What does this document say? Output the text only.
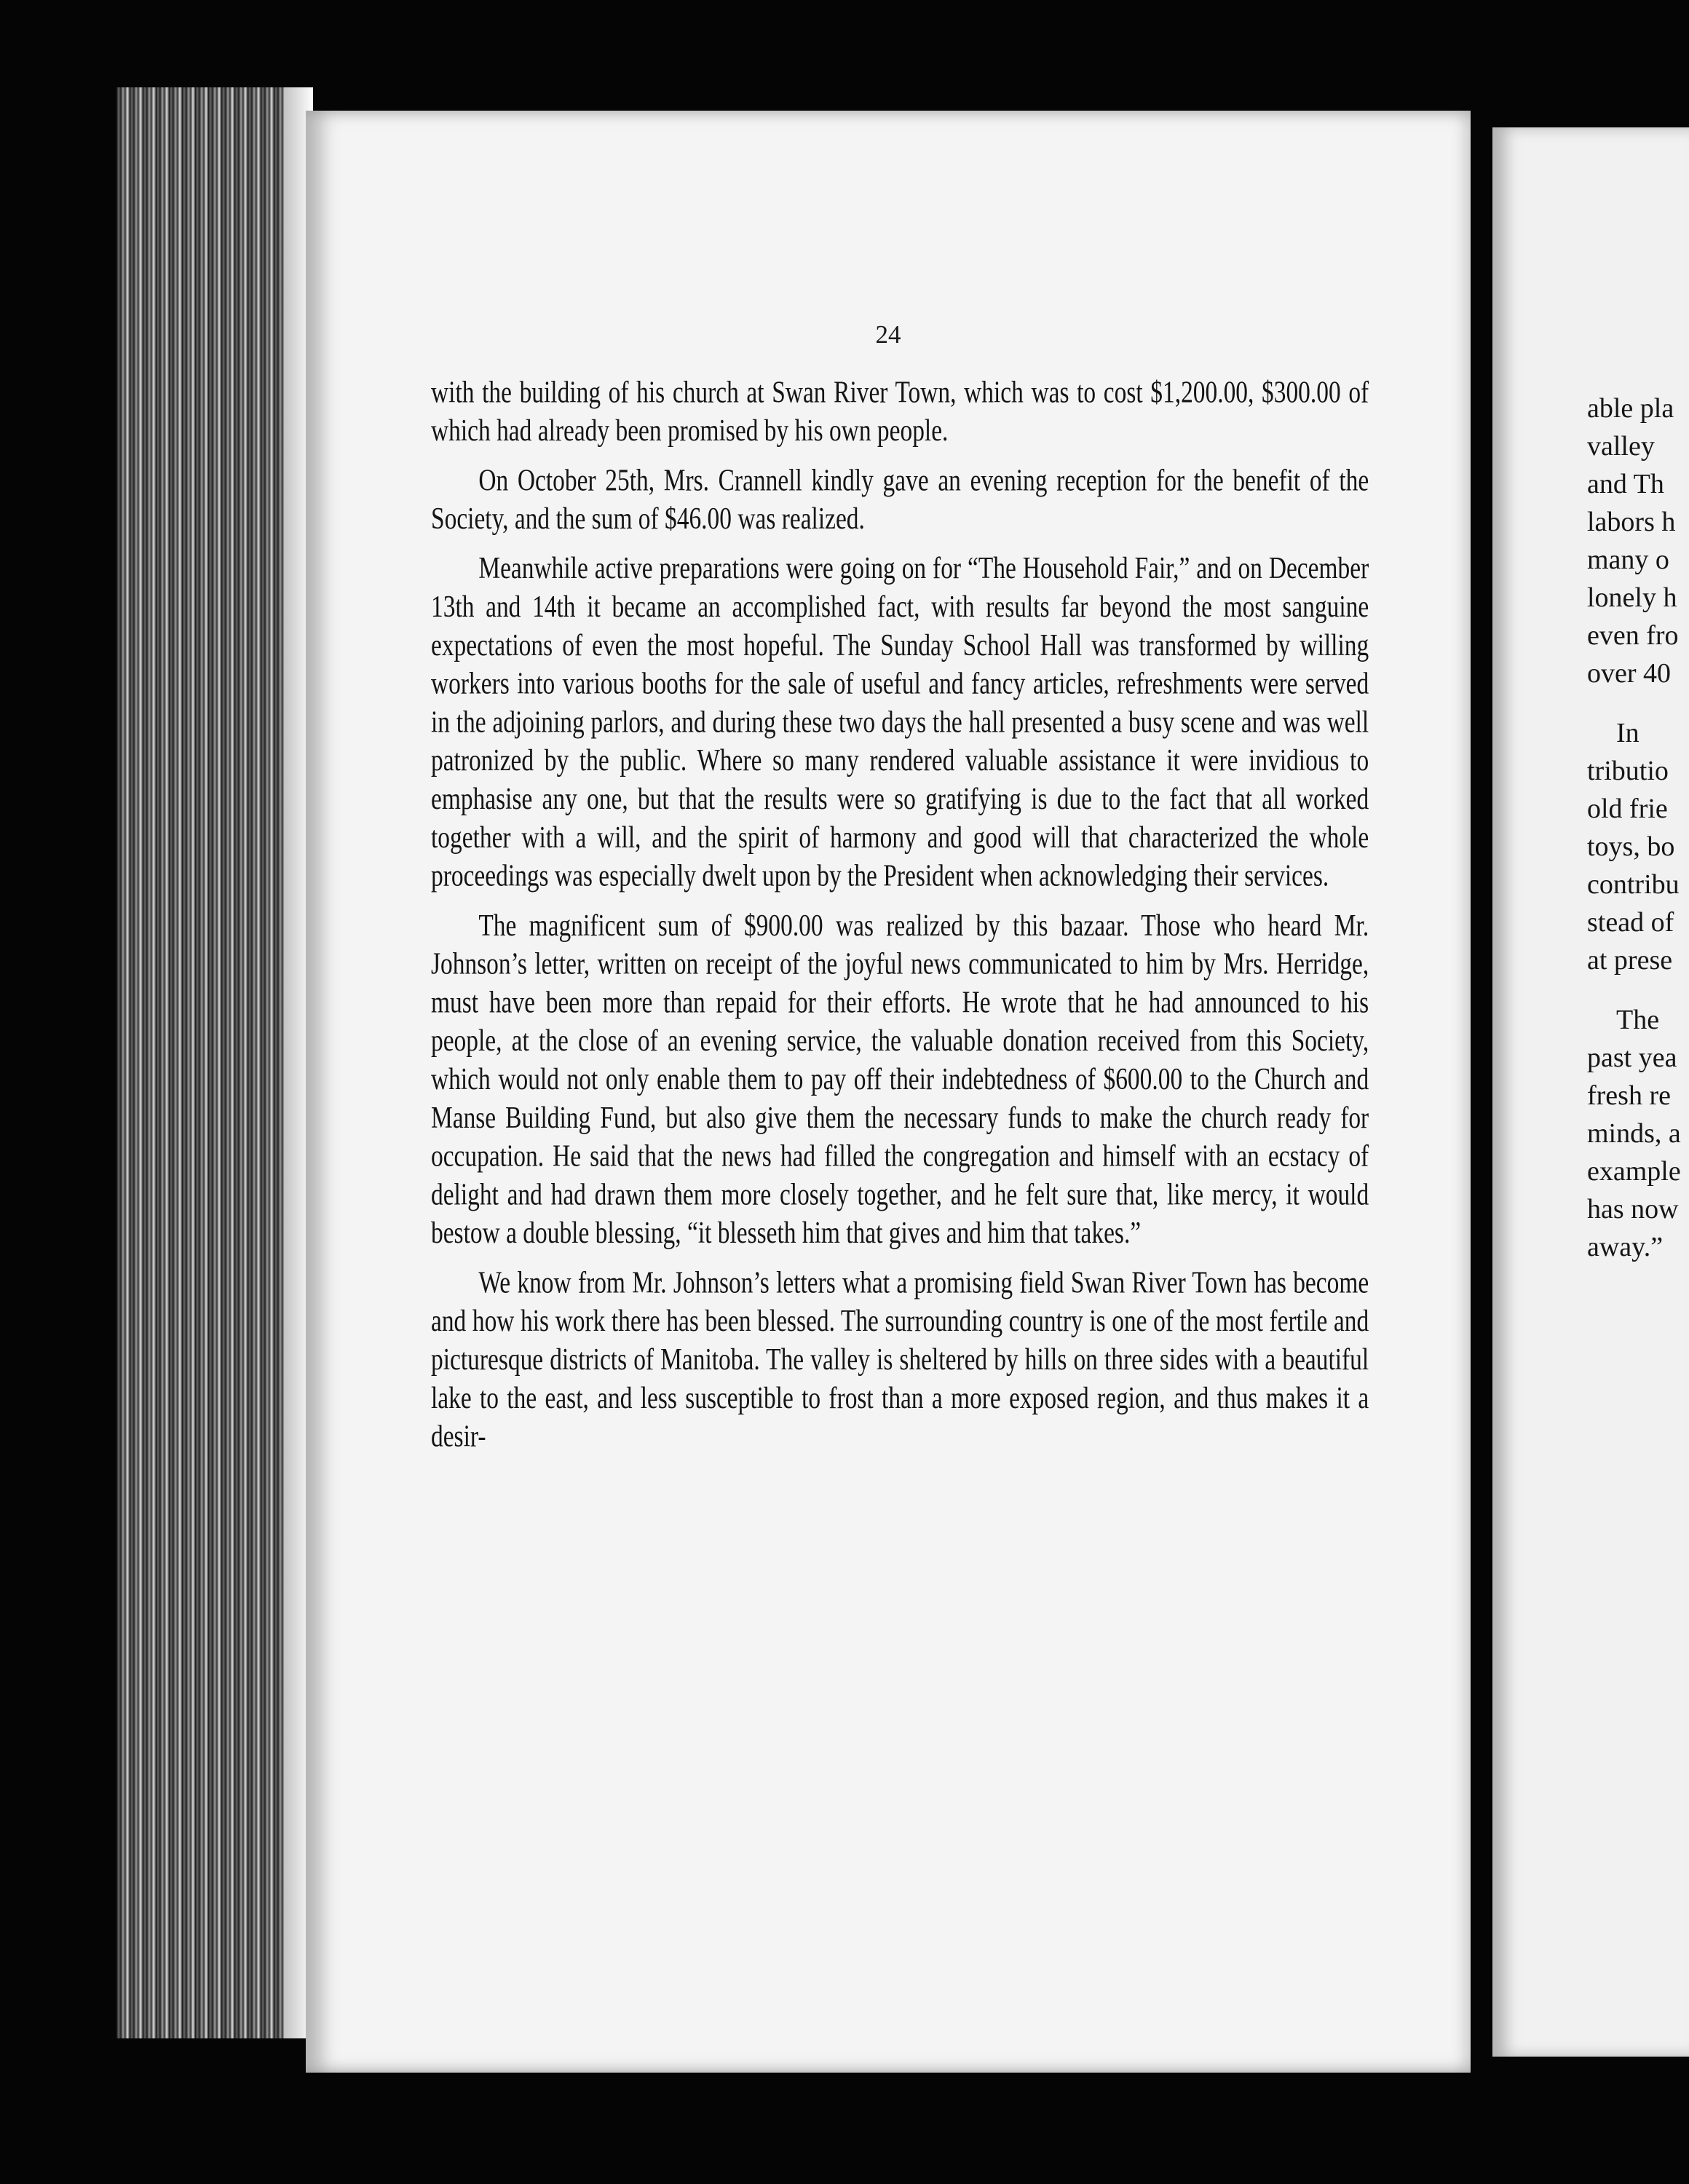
24

with the building of his church at Swan River Town, which was to cost $1,200.00, $300.00 of which had already been promised by his own people.

On October 25th, Mrs. Crannell kindly gave an evening reception for the benefit of the Society, and the sum of $46.00 was realized.

Meanwhile active preparations were going on for “The Household Fair,” and on December 13th and 14th it became an accomplished fact, with results far beyond the most sanguine expectations of even the most hopeful. The Sunday School Hall was transformed by willing workers into various booths for the sale of useful and fancy articles, refreshments were served in the adjoining parlors, and during these two days the hall presented a busy scene and was well patronized by the public. Where so many rendered valuable assistance it were invidious to emphasise any one, but that the results were so gratifying is due to the fact that all worked together with a will, and the spirit of harmony and good will that characterized the whole proceedings was especially dwelt upon by the President when acknowledging their services.

The magnificent sum of $900.00 was realized by this bazaar. Those who heard Mr. Johnson’s letter, written on receipt of the joyful news communicated to him by Mrs. Herridge, must have been more than repaid for their efforts. He wrote that he had announced to his people, at the close of an evening service, the valuable donation received from this Society, which would not only enable them to pay off their indebtedness of $600.00 to the Church and Manse Building Fund, but also give them the necessary funds to make the church ready for occupation. He said that the news had filled the congregation and himself with an ecstacy of delight and had drawn them more closely together, and he felt sure that, like mercy, it would bestow a double blessing, “it blesseth him that gives and him that takes.”

We know from Mr. Johnson’s letters what a promising field Swan River Town has become and how his work there has been blessed. The surrounding country is one of the most fertile and picturesque districts of Manitoba. The valley is sheltered by hills on three sides with a beautiful lake to the east, and less susceptible to frost than a more exposed region, and thus makes it a desir-

able pla

valley

and Th

labors h

many o

lonely h

even fro

over 40

In

tributio

old frie

toys, bo

contribu

stead of

at prese

The

past yea

fresh re

minds, a

example

has now

away.”
